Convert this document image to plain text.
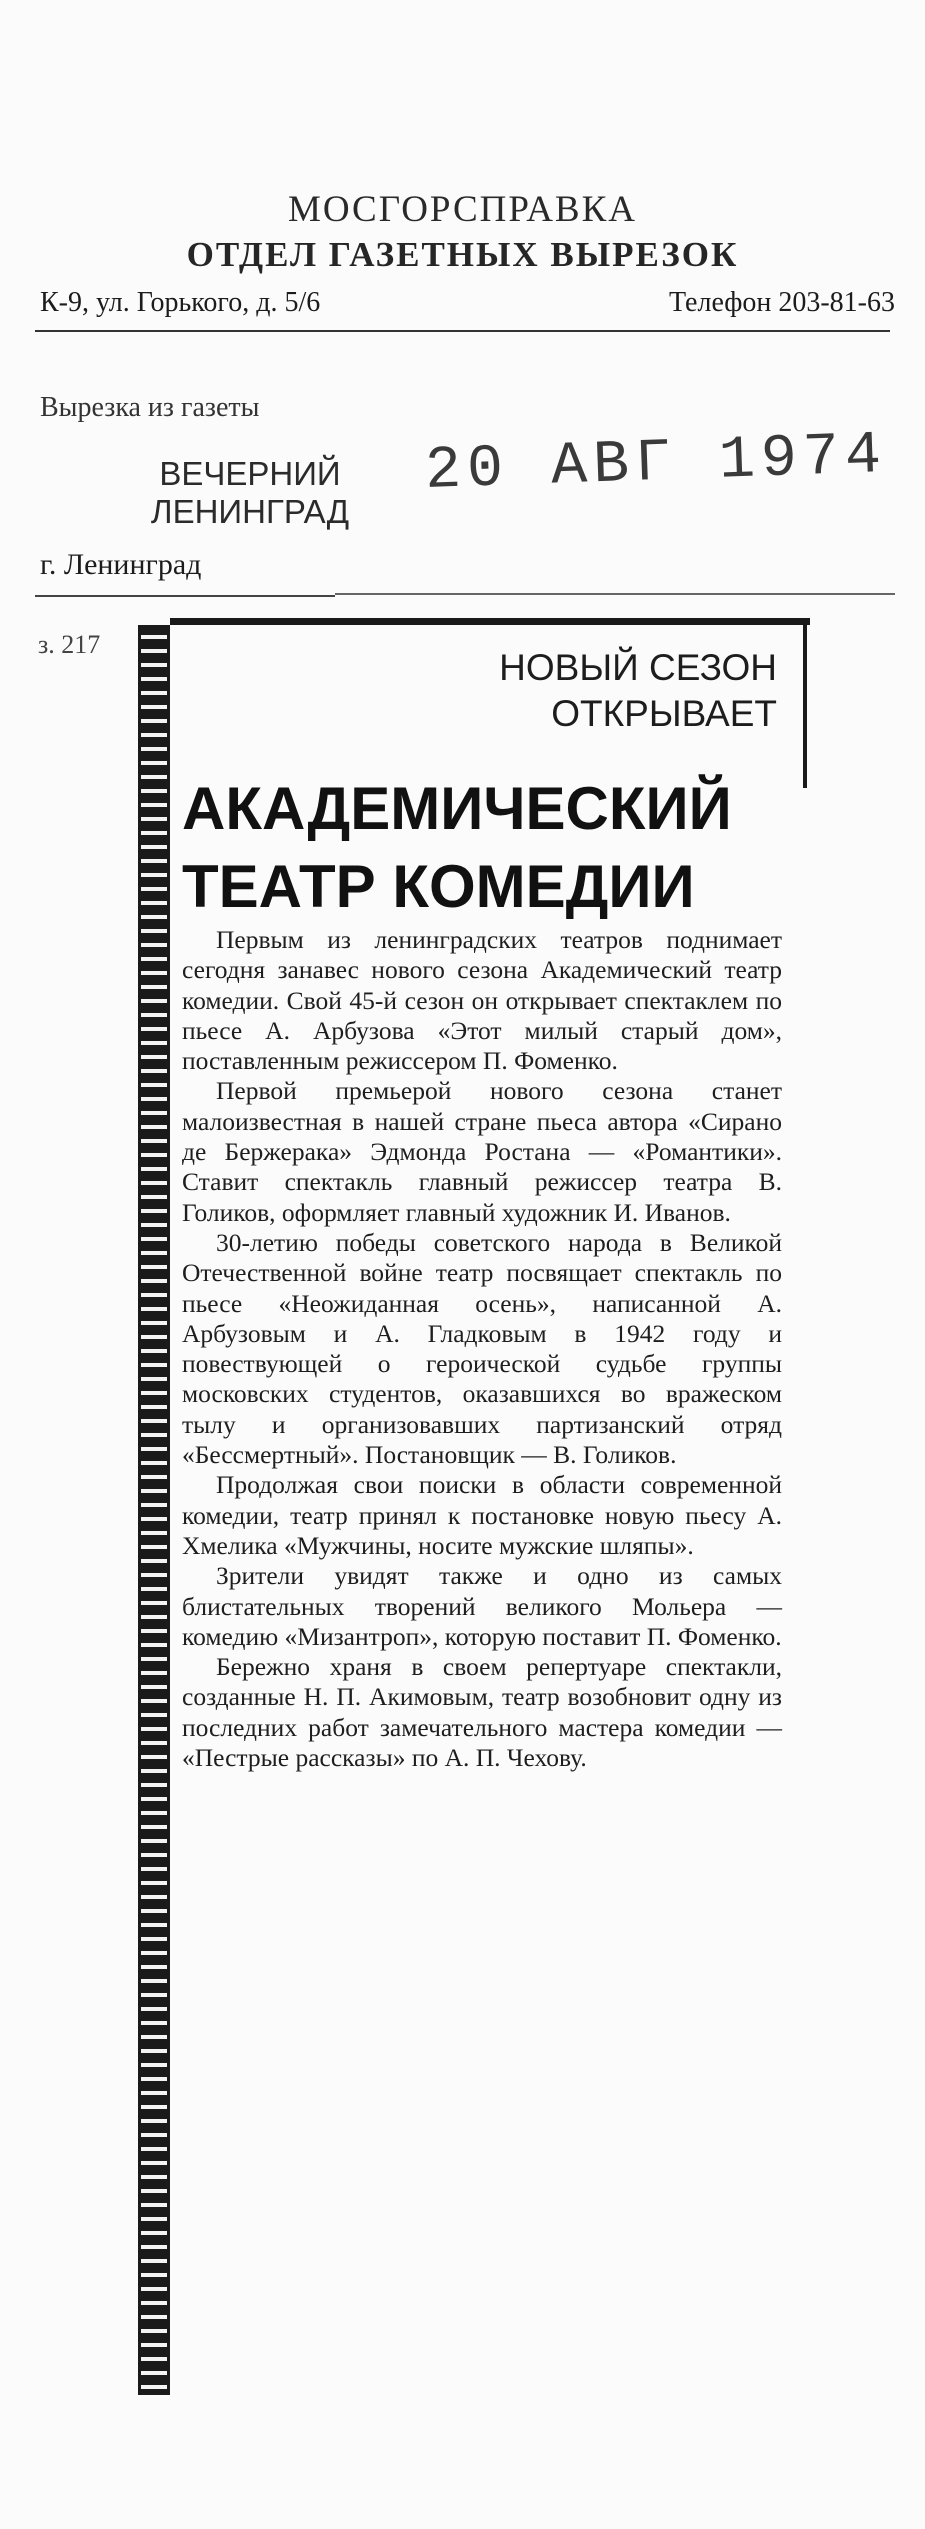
МОСГОРСПРАВКА
ОТДЕЛ ГАЗЕТНЫХ ВЫРЕЗОК
К-9, ул. Горького, д. 5/6	Телефон 203-81-63
Вырезка из газеты
ВЕЧЕРНИЙ
ЛЕНИНГРАД
20 АВГ 1974
г. Ленинград
з. 217
НОВЫЙ СЕЗОН
ОТКРЫВАЕТ
АКАДЕМИЧЕСКИЙ
ТЕАТР КОМЕДИИ

Первым из ленинградских театров поднимает сегодня занавес нового сезона Академический театр комедии. Свой 45-й сезон он открывает спектаклем по пьесе А. Арбузова «Этот милый старый дом», поставленным режиссером П. Фоменко.

Первой премьерой нового сезона станет малоизвестная в нашей стране пьеса автора «Сирано де Бержерака» Эдмонда Ростана — «Романтики». Ставит спектакль главный режиссер театра В. Голиков, оформляет главный художник И. Иванов.

30-летию победы советского народа в Великой Отечественной войне театр посвящает спектакль по пьесе «Неожиданная осень», написанной А. Арбузовым и А. Гладковым в 1942 году и повествующей о героической судьбе группы московских студентов, оказавшихся во вражеском тылу и организовавших партизанский отряд «Бессмертный». Постановщик — В. Голиков.

Продолжая свои поиски в области современной комедии, театр принял к постановке новую пьесу А. Хмелика «Мужчины, носите мужские шляпы».

Зрители увидят также и одно из самых блистательных творений великого Мольера — комедию «Мизантроп», которую поставит П. Фоменко.

Бережно храня в своем репертуаре спектакли, созданные Н. П. Акимовым, театр возобновит одну из последних работ замечательного мастера комедии — «Пестрые рассказы» по А. П. Чехову.
